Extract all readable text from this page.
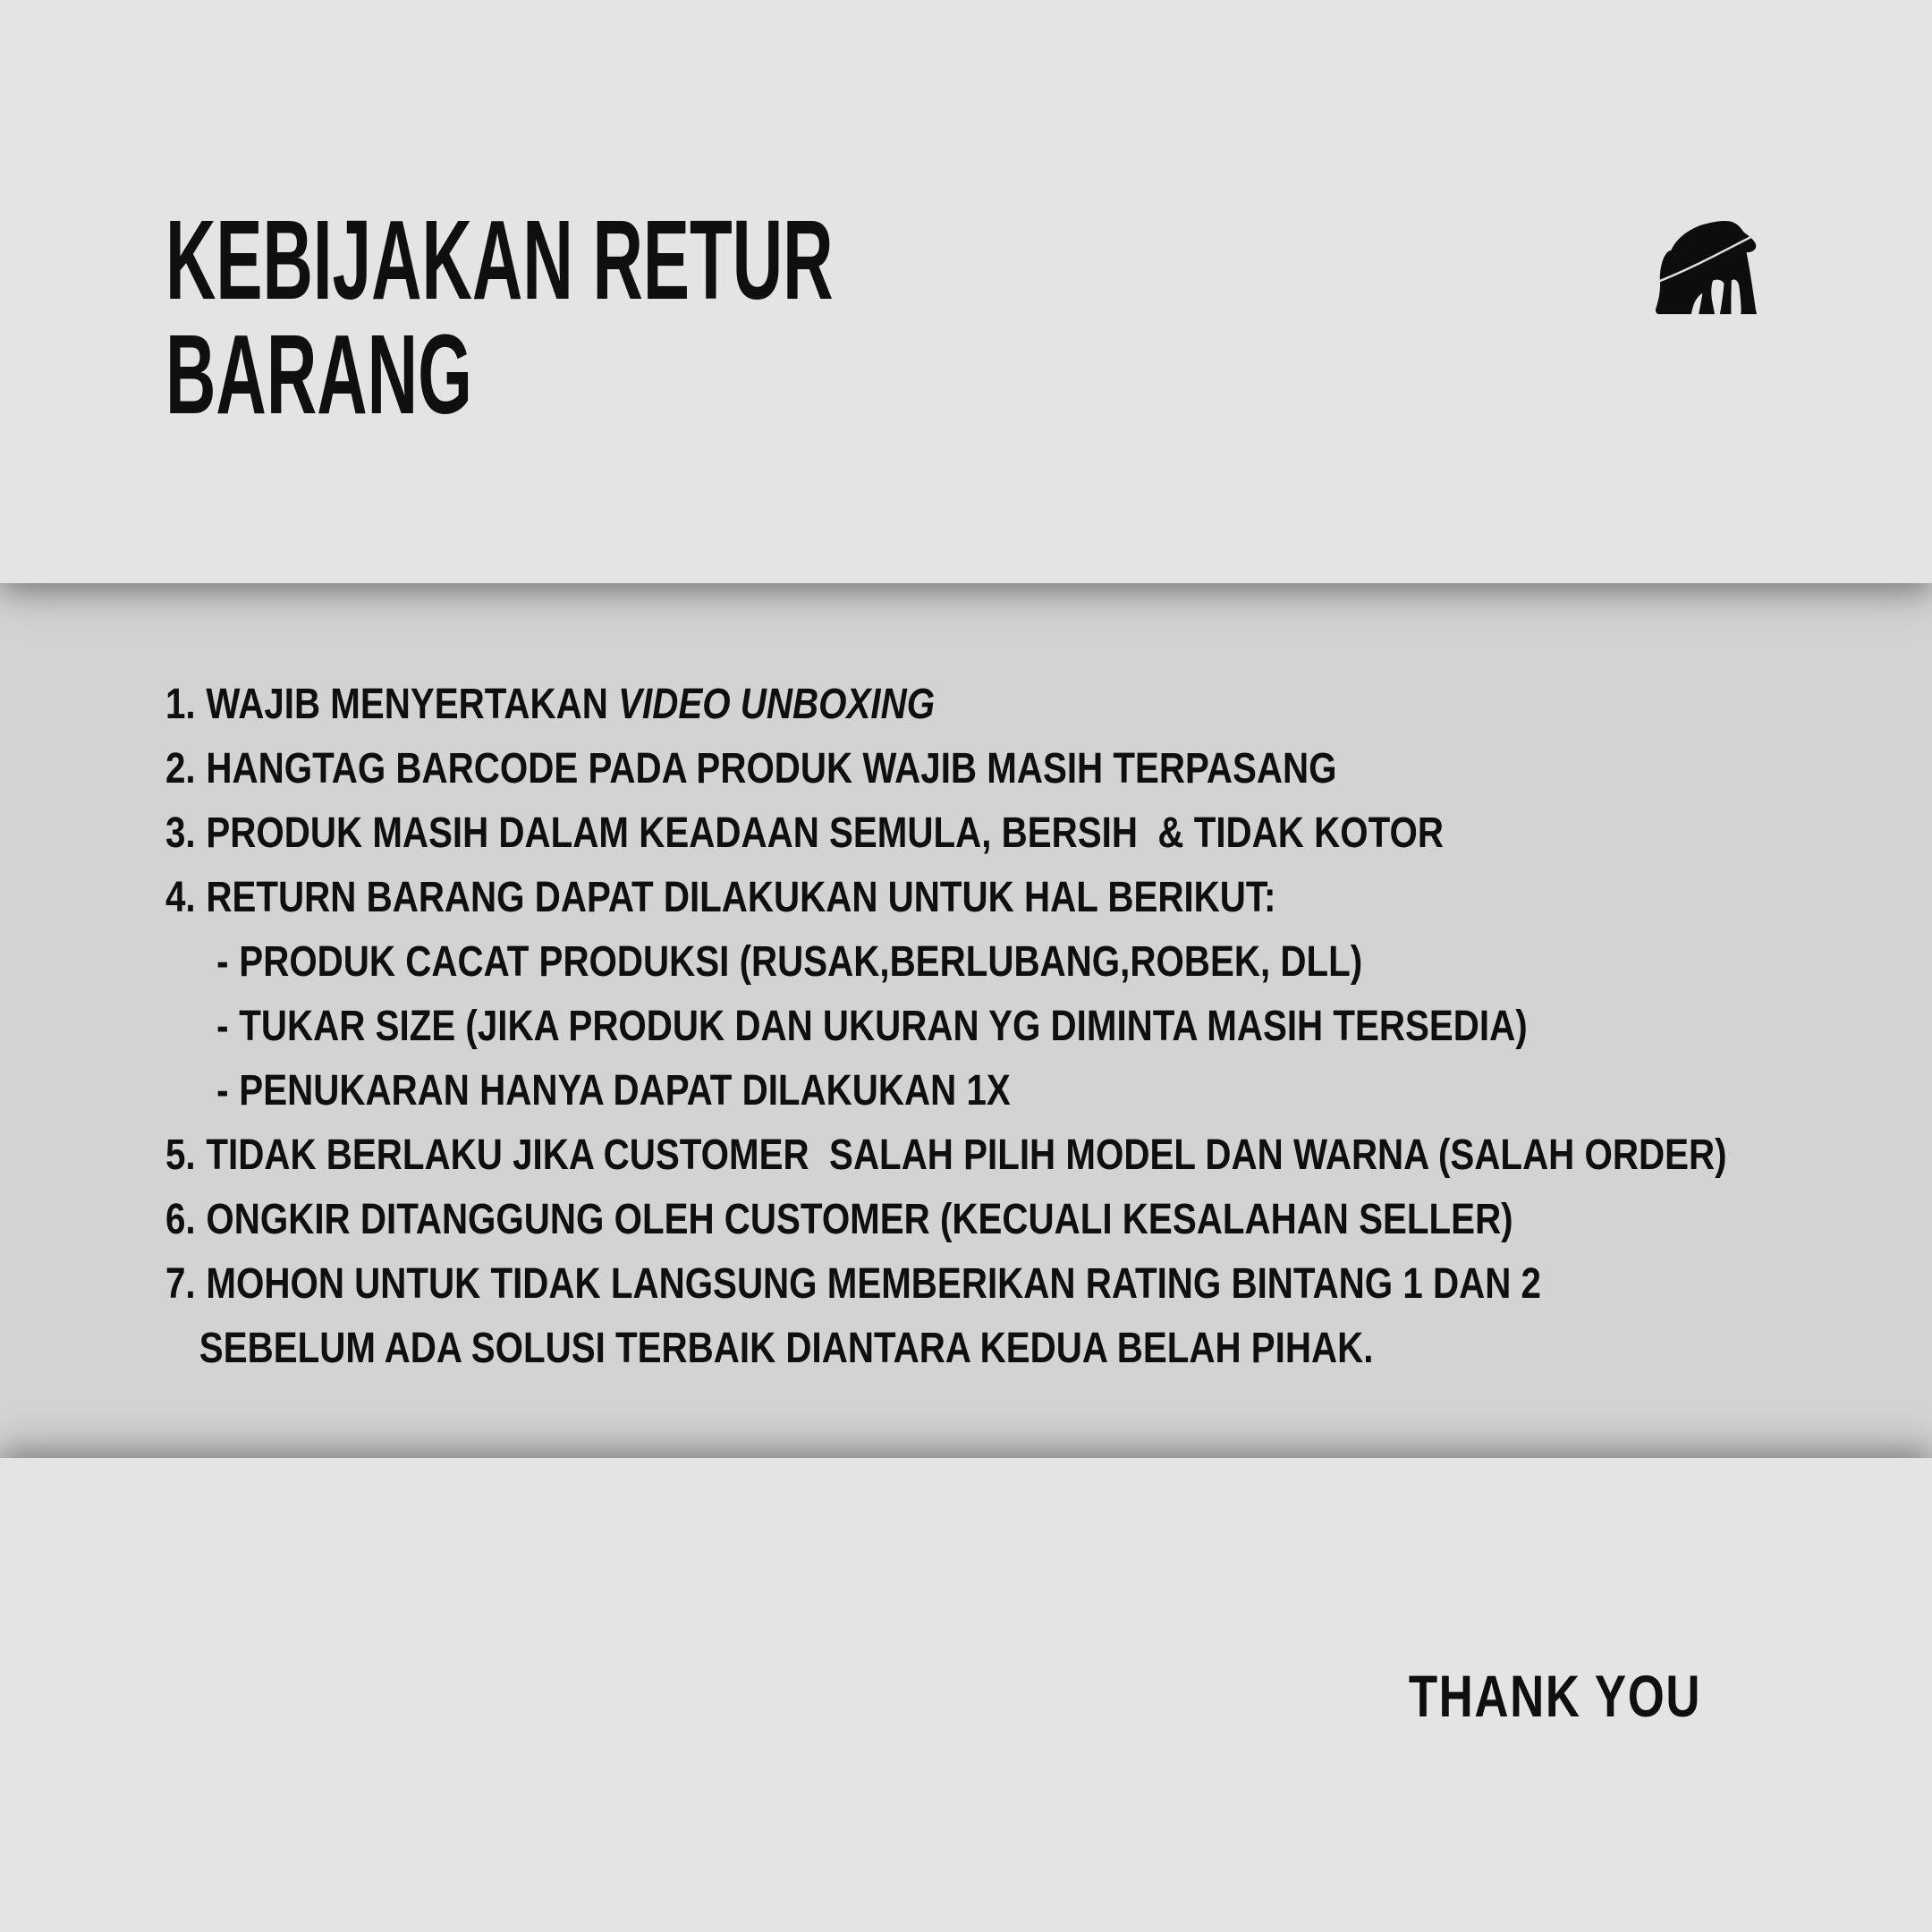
KEBIJAKAN RETUR
BARANG
1. WAJIB MENYERTAKAN VIDEO UNBOXING
2. HANGTAG BARCODE PADA PRODUK WAJIB MASIH TERPASANG
3. PRODUK MASIH DALAM KEADAAN SEMULA, BERSIH  & TIDAK KOTOR
4. RETURN BARANG DAPAT DILAKUKAN UNTUK HAL BERIKUT:
- PRODUK CACAT PRODUKSI (RUSAK,BERLUBANG,ROBEK, DLL)
- TUKAR SIZE (JIKA PRODUK DAN UKURAN YG DIMINTA MASIH TERSEDIA)
- PENUKARAN HANYA DAPAT DILAKUKAN 1X
5. TIDAK BERLAKU JIKA CUSTOMER  SALAH PILIH MODEL DAN WARNA (SALAH ORDER)
6. ONGKIR DITANGGUNG OLEH CUSTOMER (KECUALI KESALAHAN SELLER)
7. MOHON UNTUK TIDAK LANGSUNG MEMBERIKAN RATING BINTANG 1 DAN 2
SEBELUM ADA SOLUSI TERBAIK DIANTARA KEDUA BELAH PIHAK.
THANK YOU
